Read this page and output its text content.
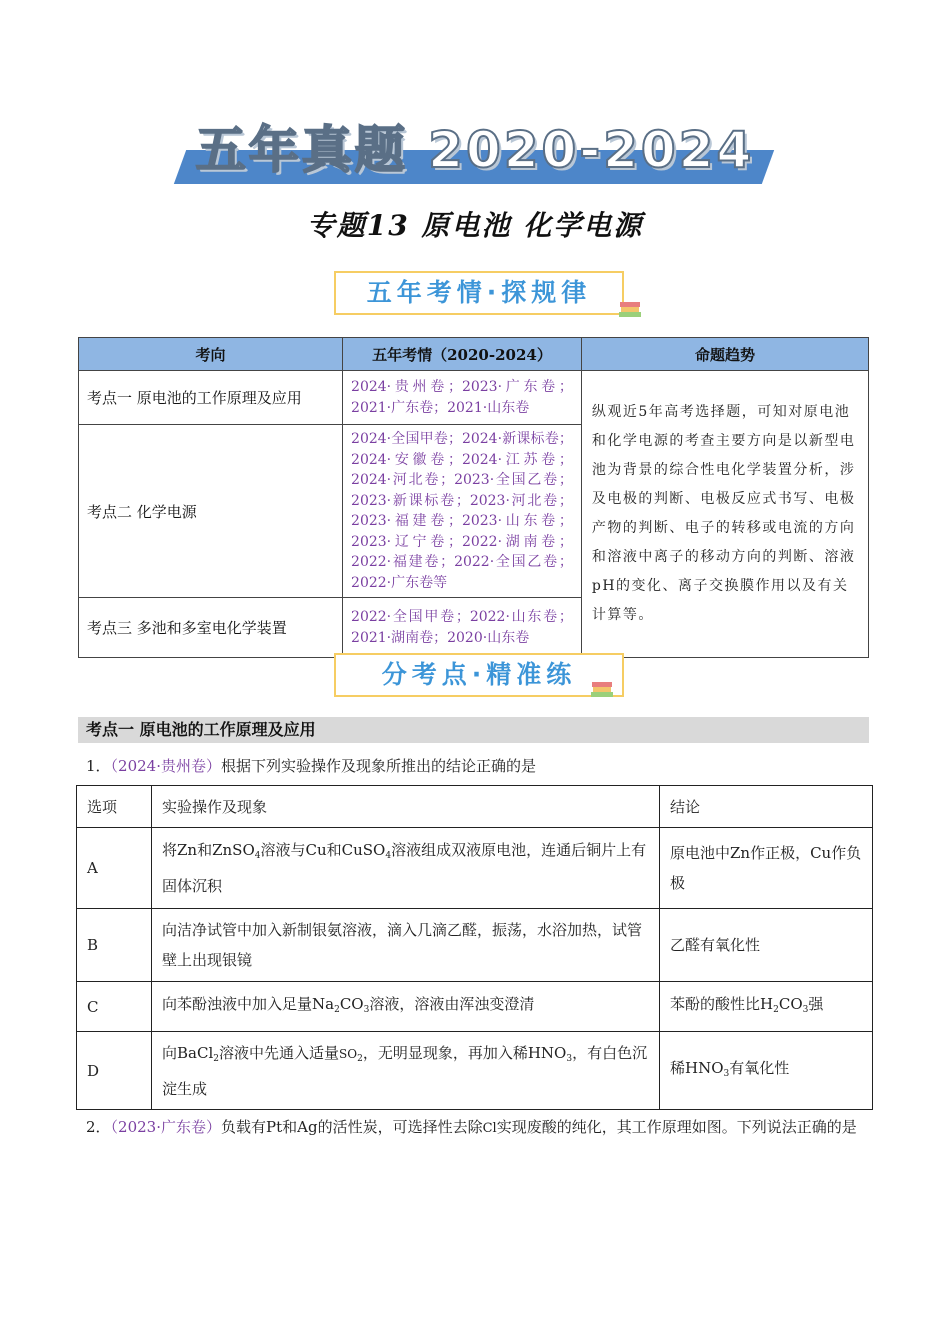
五年真题 2020-2024
专题13 原电池 化学电源
五年考情·探规律
考向	五年考情（2020-2024）	命题趋势
考点一 原电池的工作原理及应用	2024·贵州卷；2023·广东卷；2021·广东卷；2021·山东卷	纵观近5年高考选择题，可知对原电池和化学电源的考查主要方向是以新型电池为背景的综合性电化学装置分析，涉及电极的判断、电极反应式书写、电极产物的判断、电子的转移或电流的方向和溶液中离子的移动方向的判断、溶液pH的变化、离子交换膜作用以及有关计算等。
考点二 化学电源	2024·全国甲卷；2024·新课标卷；2024·安徽卷；2024·江苏卷；2024·河北卷；2023·全国乙卷；2023·新课标卷；2023·河北卷；2023·福建卷；2023·山东卷；2023·辽宁卷；2022·湖南卷；2022·福建卷；2022·全国乙卷；2022·广东卷等	
考点三 多池和多室电化学装置	2022·全国甲卷；2022·山东卷；2021·湖南卷；2020·山东卷	
分考点·精准练
考点一 原电池的工作原理及应用
1．（2024·贵州卷）根据下列实验操作及现象所推出的结论正确的是
选项	实验操作及现象	结论
A	将Zn和ZnSO$_4$溶液与Cu和CuSO$_4$溶液组成双液原电池，连通后铜片上有固体沉积	原电池中Zn作正极，Cu作负极
B	向洁净试管中加入新制银氨溶液，滴入几滴乙醛，振荡，水浴加热，试管壁上出现银镜	乙醛有氧化性
C	向苯酚浊液中加入足量$Na_2CO_3$溶液，溶液由浑浊变澄清	苯酚的酸性比$H_2CO_3$强
D	向BaCl$_2$溶液中先通入适量$SO_2$，无明显现象，再加入稀$HNO_3$，有白色沉淀生成	稀$HNO_3$有氧化性
2．（2023·广东卷）负载有Pt和Ag的活性炭，可选择性去除Cl实现废酸的纯化，其工作原理如图。下列说法正确的是
